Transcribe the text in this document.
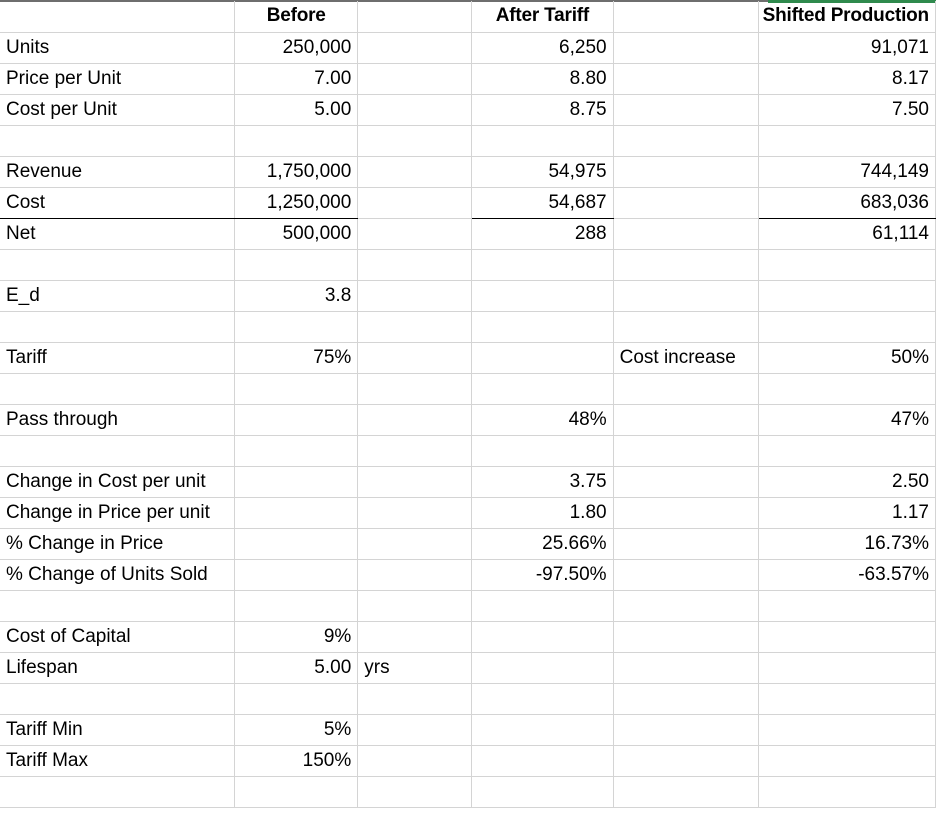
	Before		After Tariff		Shifted Production
Units	250,000		6,250		91,071
Price per Unit	7.00		8.80		8.17
Cost per Unit	5.00		8.75		7.50

Revenue	1,750,000		54,975		744,149
Cost	1,250,000		54,687		683,036
Net	500,000		288		61,114

E_d	3.8				

Tariff	75%			Cost increase	50%

Pass through			48%		47%

Change in Cost per unit			3.75		2.50
Change in Price per unit			1.80		1.17
% Change in Price			25.66%		16.73%
% Change of Units Sold			-97.50%		-63.57%

Cost of Capital	9%				
Lifespan	5.00	yrs			

Tariff Min	5%				
Tariff Max	150%				
